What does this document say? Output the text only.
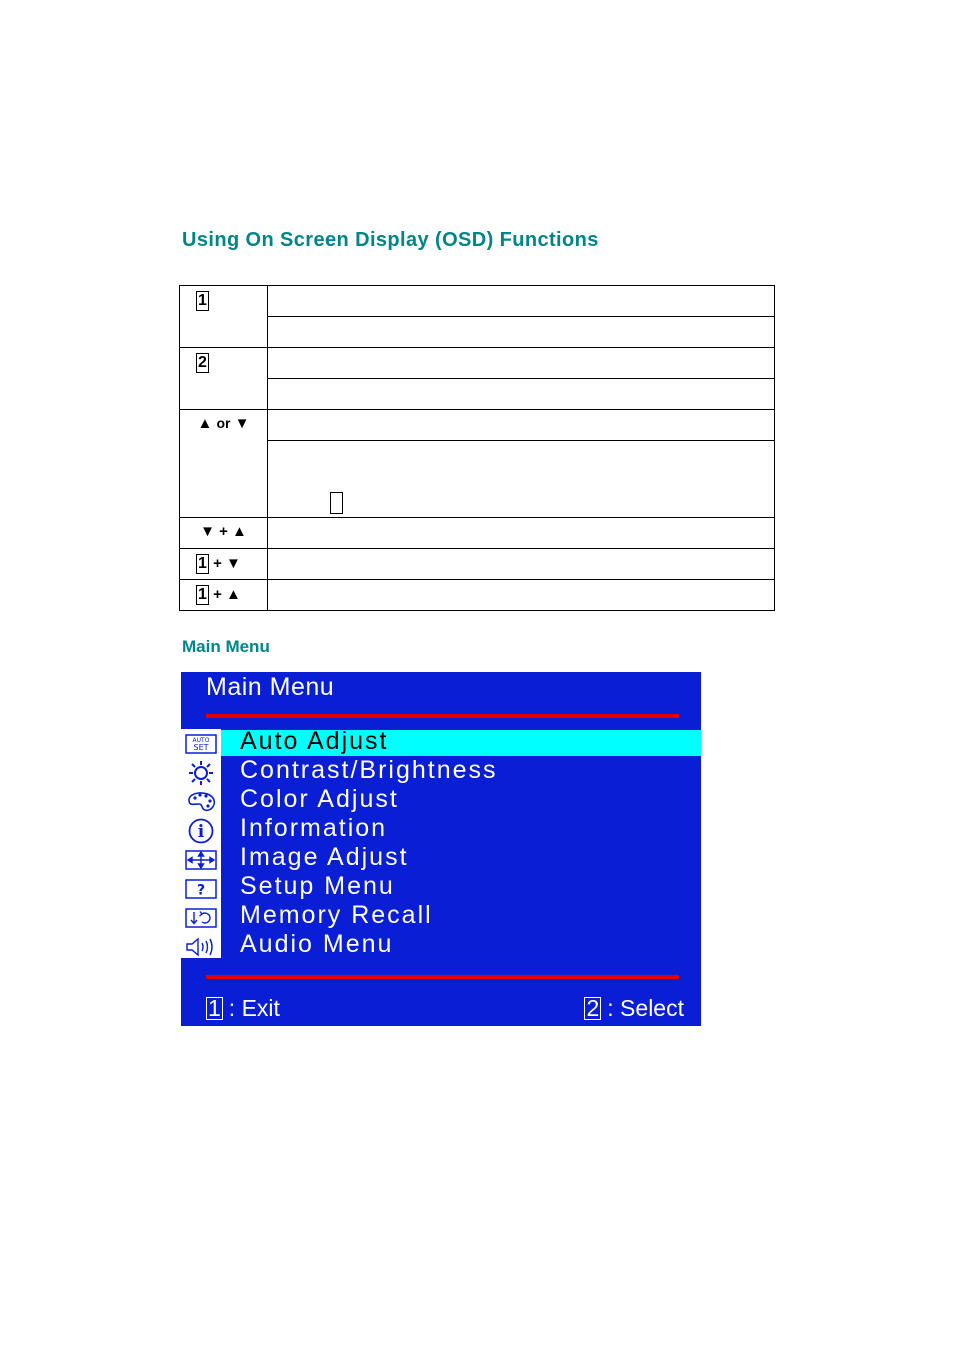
Using On Screen Display (OSD) Functions
1	

2	

▲ or ▼	

▼ + ▲	
1 + ▼	
1 + ▲	
Main Menu
Main Menu
AUTO
SET Auto Adjust
Contrast/Brightness
Color Adjust
i Information
Image Adjust
? Setup Menu
Memory Recall
Audio Menu
1 : Exit	2 : Select
